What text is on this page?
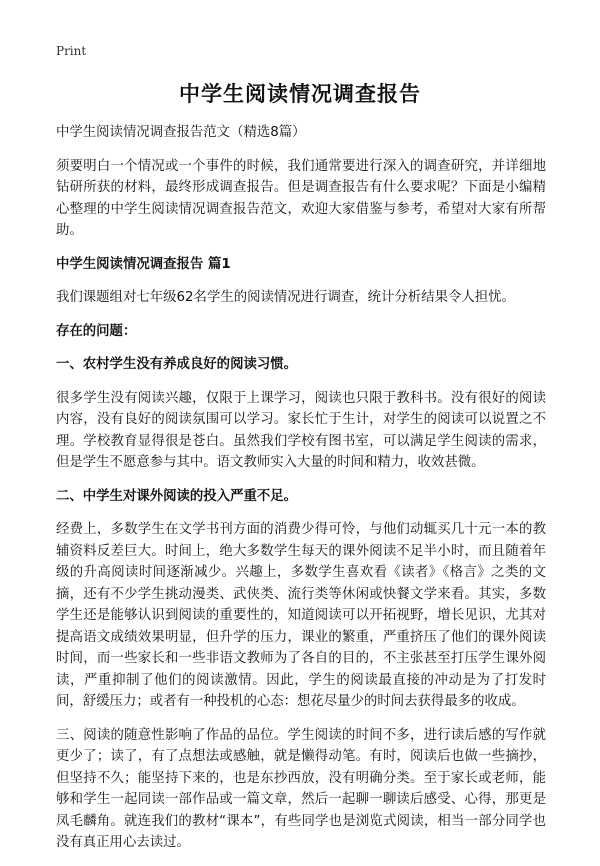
Print
中学生阅读情况调查报告

中学生阅读情况调查报告范文（精选8篇）

须要明白一个情况或一个事件的时候，我们通常要进行深入的调查研究，并详细地钻研所获的材料，最终形成调查报告。但是调查报告有什么要求呢？下面是小编精心整理的中学生阅读情况调查报告范文，欢迎大家借鉴与参考，希望对大家有所帮助。

中学生阅读情况调查报告 篇1

我们课题组对七年级62名学生的阅读情况进行调查，统计分析结果令人担忧。

存在的问题：

一、农村学生没有养成良好的阅读习惯。

很多学生没有阅读兴趣，仅限于上课学习，阅读也只限于教科书。没有很好的阅读内容，没有良好的阅读氛围可以学习。家长忙于生计，对学生的阅读可以说置之不理。学校教育显得很是苍白。虽然我们学校有图书室，可以满足学生阅读的需求，但是学生不愿意参与其中。语文教师实入大量的时间和精力，收效甚微。

二、中学生对课外阅读的投入严重不足。

经费上，多数学生在文学书刊方面的消费少得可怜，与他们动辄买几十元一本的教辅资料反差巨大。时间上，绝大多数学生每天的课外阅读不足半小时，而且随着年级的升高阅读时间逐渐减少。兴趣上，多数学生喜欢看《读者》《格言》之类的文摘，还有不少学生挑动漫类、武侠类、流行类等休闲或快餐文学来看。其实，多数学生还是能够认识到阅读的重要性的，知道阅读可以开拓视野，增长见识，尤其对提高语文成绩效果明显，但升学的压力，课业的繁重，严重挤压了他们的课外阅读时间，而一些家长和一些非语文教师为了各自的目的，不主张甚至打压学生课外阅读，严重抑制了他们的阅读激情。因此，学生的阅读最直接的冲动是为了打发时间，舒缓压力；或者有一种投机的心态：想花尽量少的时间去获得最多的收成。

三、阅读的随意性影响了作品的品位。学生阅读的时间不多，进行读后感的写作就更少了；读了，有了点想法或感触，就是懒得动笔。有时，阅读后也做一些摘抄，但坚持不久；能坚持下来的，也是东抄西放，没有明确分类。至于家长或老师，能够和学生一起同读一部作品或一篇文章，然后一起聊一聊读后感受、心得，那更是凤毛麟角。就连我们的教材“课本”，有些同学也是浏览式阅读，相当一部分同学也没有真正用心去读过。
